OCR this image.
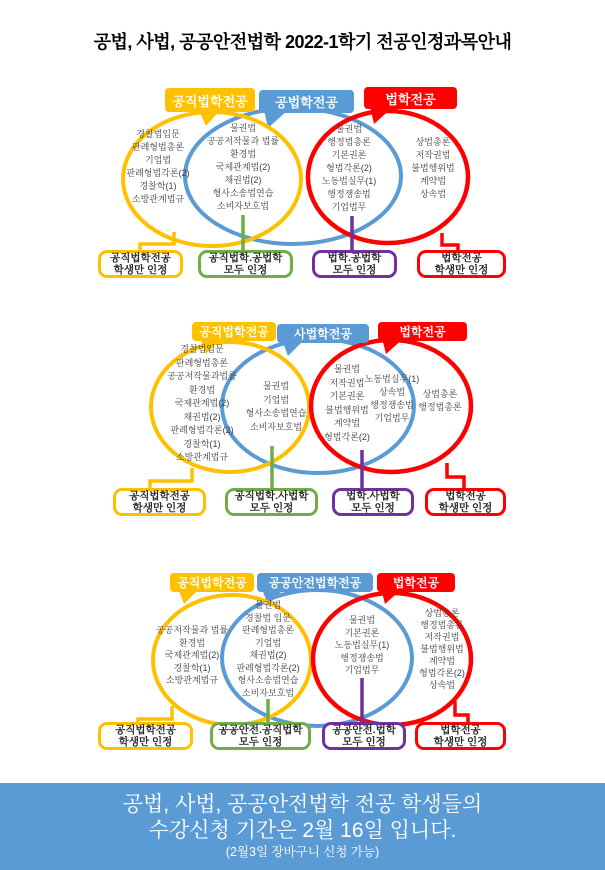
공법, 사법, 공공안전법학 2022-1학기 전공인정과목안내
공직법학전공	공법학전공	법학전공
경찰법입문
판례형법총론
기업법
판례형법각론(2)
경찰학(1)
소방관계법규
물권법
공공저작물과 법률
환경법
국제관계법(2)
채권법(2)
형사소송법연습
소비자보호법
물권법
행정법총론
기본권론
형법각론(2)
노동법실무(1)
행정쟁송법
기업법무
상법총론
저작권법
불법행위법
계약법
상속법
공직법학전공
학생만 인정
공직법학.공법학
모두 인정
법학.공법학
모두 인정
법학전공
학생만 인정
공직법학전공	사법학전공	법학전공
경찰법입문
판례형법총론
공공저작물과법률
환경법
국제관계법(2)
채권법(2)
판례형법각론(2)
경찰학(1)
소방관계법규
물권법
기업법
형사소송법연습
소비자보호법
물권법
저작권법
기본권론
불법행위법
계약법
형법각론(2)
노동법실무(1)
상속법
행정쟁송법
기업법무
상법총론
행정법총론
공직법학전공
학생만 인정
공직법학.사법학
모두 인정
법학.사법학
모두 인정
법학전공
학생만 인정
공직법학전공	공공안전법학전공	법학전공
공공저작물과 법률
환경법
국제관계법(2)
경찰학(1)
소방관계법규
물권법
경찰법 입문
판례형법총론
기업법
채권법(2)
판례형법각론(2)
형사소송법연습
소비자보호법
물권법
기본권론
노동법실무(1)
행정쟁송법
기업법무
상법총론
행정법총론
저작권법
불법행위법
계약법
형법각론(2)
상속법
공직법학전공
학생만 인정
공공안전.공직법학
모두 인정
공공안전.법학
모두 인정
법학전공
학생만 인정
공법, 사법, 공공안전법학 전공 학생들의
수강신청 기간은 2월 16일 입니다.
(2월3일 장바구니 신청 가능)
